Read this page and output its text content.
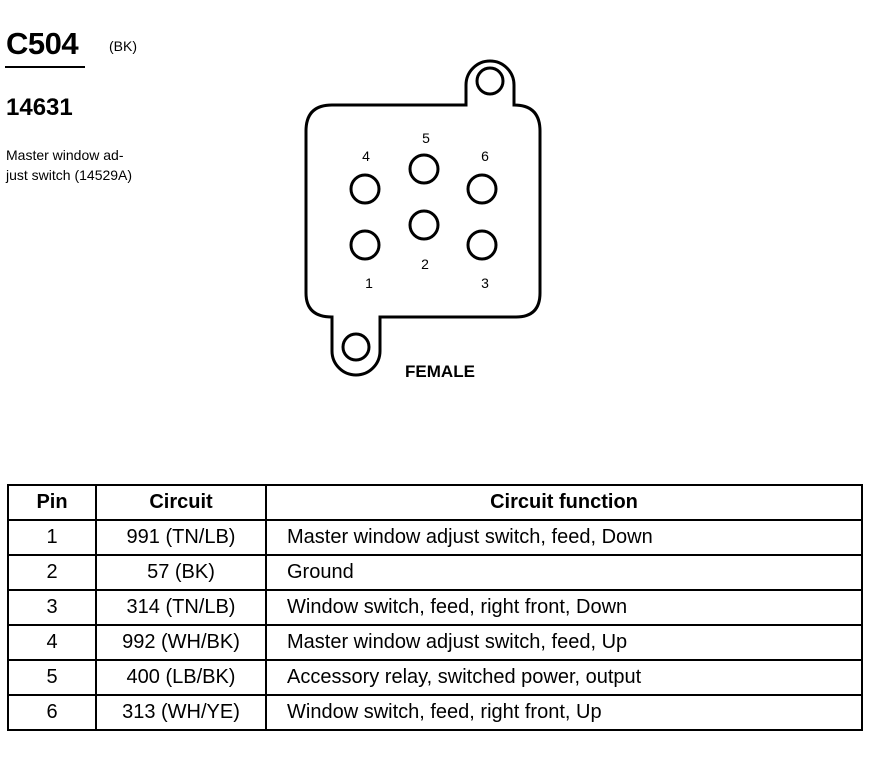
C504 (BK)
14631
Master window ad-
just switch (14529A)
4
5
6
1
2
3
FEMALE
Pin	Circuit	Circuit function
1	991 (TN/LB)	Master window adjust switch, feed, Down
2	57 (BK)	Ground
3	314 (TN/LB)	Window switch, feed, right front, Down
4	992 (WH/BK)	Master window adjust switch, feed, Up
5	400 (LB/BK)	Accessory relay, switched power, output
6	313 (WH/YE)	Window switch, feed, right front, Up
